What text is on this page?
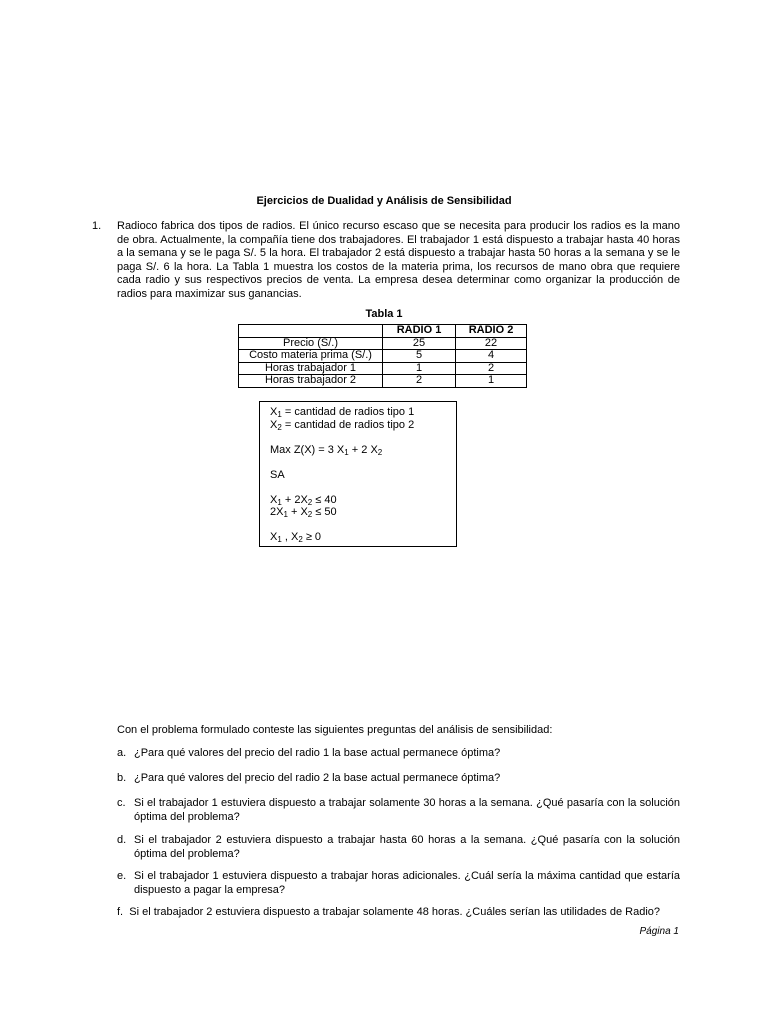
Ejercicios de Dualidad y Análisis de Sensibilidad
1. Radioco fabrica dos tipos de radios. El único recurso escaso que se necesita para producir los radios es la mano de obra. Actualmente, la compañía tiene dos trabajadores. El trabajador 1 está dispuesto a trabajar hasta 40 horas a la semana y se le paga S/. 5 la hora. El trabajador 2 está dispuesto a trabajar hasta 50 horas a la semana y se le paga S/. 6 la hora. La Tabla 1 muestra los costos de la materia prima, los recursos de mano obra que requiere cada radio y sus respectivos precios de venta. La empresa desea determinar como organizar la producción de radios para maximizar sus ganancias.
Tabla 1
	RADIO 1	RADIO 2
Precio (S/.)	25	22
Costo materia prima (S/.)	5	4
Horas trabajador 1	1	2
Horas trabajador 2	2	1
$X_1$ = cantidad de radios tipo 1
$X_2$ = cantidad de radios tipo 2
Max Z(X) = 3 $X_1 + 2$ $X_2$
SA
$X_1 + 2X_2 \le 40$
$2X_1 + X_2 \le 50$
$X_1$ , $X_2 \ge 0$
Con el problema formulado conteste las siguientes preguntas del análisis de sensibilidad:
a. ¿Para qué valores del precio del radio 1 la base actual permanece óptima?
b. ¿Para qué valores del precio del radio 2 la base actual permanece óptima?
c. Si el trabajador 1 estuviera dispuesto a trabajar solamente 30 horas a la semana. ¿Qué pasaría con la solución óptima del problema?
d. Si el trabajador 2 estuviera dispuesto a trabajar hasta 60 horas a la semana. ¿Qué pasaría con la solución óptima del problema?
e. Si el trabajador 1 estuviera dispuesto a trabajar horas adicionales. ¿Cuál sería la máxima cantidad que estaría dispuesto a pagar la empresa?
f. Si el trabajador 2 estuviera dispuesto a trabajar solamente 48 horas. ¿Cuáles serían las utilidades de Radio?
Página 1
